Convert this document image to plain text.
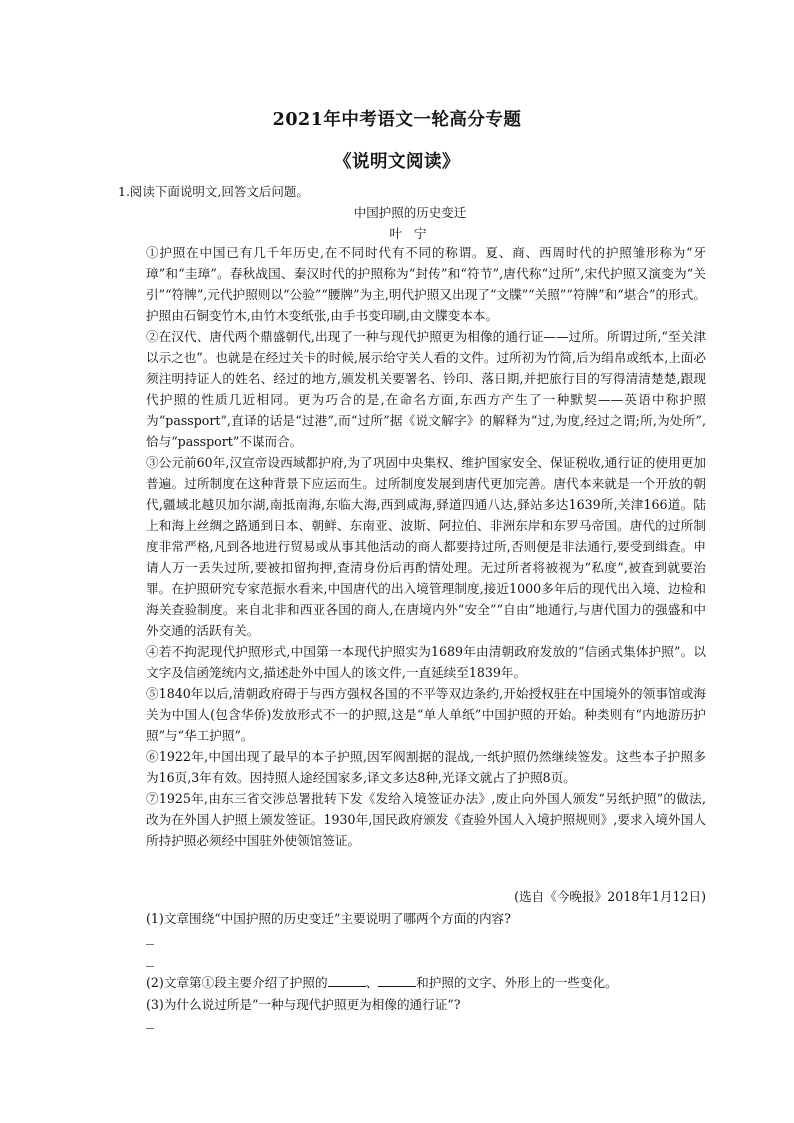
2021年中考语文一轮高分专题
《说明文阅读》
1.阅读下面说明文,回答文后问题。
中国护照的历史变迁
叶 宁

①护照在中国已有几千年历史,在不同时代有不同的称谓。夏、商、西周时代的护照雏形称为“牙璋”和“圭璋”。春秋战国、秦汉时代的护照称为“封传”和“符节”,唐代称“过所”,宋代护照又演变为“关引”“符牌”,元代护照则以“公验”“腰牌”为主,明代护照又出现了“文牒”“关照”“符牌”和“堪合”的形式。护照由石铜变竹木,由竹木变纸张,由手书变印刷,由文牒变本本。

②在汉代、唐代两个鼎盛朝代,出现了一种与现代护照更为相像的通行证——过所。所谓过所,“至关津以示之也”。也就是在经过关卡的时候,展示给守关人看的文件。过所初为竹简,后为绢帛或纸本,上面必须注明持证人的姓名、经过的地方,颁发机关要署名、钤印、落日期,并把旅行目的写得清清楚楚,跟现代护照的性质几近相同。更为巧合的是,在命名方面,东西方产生了一种默契——英语中称护照为“passport”,直译的话是“过港”,而“过所”据《说文解字》的解释为“过,为度,经过之谓;所,为处所”,恰与“passport”不谋而合。

③公元前60年,汉宣帝设西域都护府,为了巩固中央集权、维护国家安全、保证税收,通行证的使用更加普遍。过所制度在这种背景下应运而生。过所制度发展到唐代更加完善。唐代本来就是一个开放的朝代,疆域北越贝加尔湖,南抵南海,东临大海,西到咸海,驿道四通八达,驿站多达1639所,关津166道。陆上和海上丝绸之路通到日本、朝鲜、东南亚、波斯、阿拉伯、非洲东岸和东罗马帝国。唐代的过所制度非常严格,凡到各地进行贸易或从事其他活动的商人都要持过所,否则便是非法通行,要受到缉查。申请人万一丢失过所,要被扣留拘押,查清身份后再酌情处理。无过所者将被视为“私度”,被查到就要治罪。在护照研究专家范振水看来,中国唐代的出入境管理制度,接近1000多年后的现代出入境、边检和海关查验制度。来自北非和西亚各国的商人,在唐境内外“安全”“自由”地通行,与唐代国力的强盛和中外交通的活跃有关。

④若不拘泥现代护照形式,中国第一本现代护照实为1689年由清朝政府发放的“信函式集体护照”。以文字及信函笼统内文,描述赴外中国人的该文件,一直延续至1839年。

⑤1840年以后,清朝政府碍于与西方强权各国的不平等双边条约,开始授权驻在中国境外的领事馆或海关为中国人(包含华侨)发放形式不一的护照,这是“单人单纸”中国护照的开始。种类则有“内地游历护照”与“华工护照”。

⑥1922年,中国出现了最早的本子护照,因军阀割据的混战,一纸护照仍然继续签发。这些本子护照多为16页,3年有效。因持照人途经国家多,译文多达8种,光译文就占了护照8页。

⑦1925年,由东三省交涉总署批转下发《发给入境签证办法》,废止向外国人颁发“另纸护照”的做法,改为在外国人护照上颁发签证。1930年,国民政府颁发《查验外国人入境护照规则》,要求入境外国人所持护照必须经中国驻外使领馆签证。

(选自《今晚报》2018年1月12日)
(1)文章围绕“中国护照的历史变迁”主要说明了哪两个方面的内容?
(2)文章第①段主要介绍了护照的	、	和护照的文字、外形上的一些变化。
(3)为什么说过所是“一种与现代护照更为相像的通行证”?
